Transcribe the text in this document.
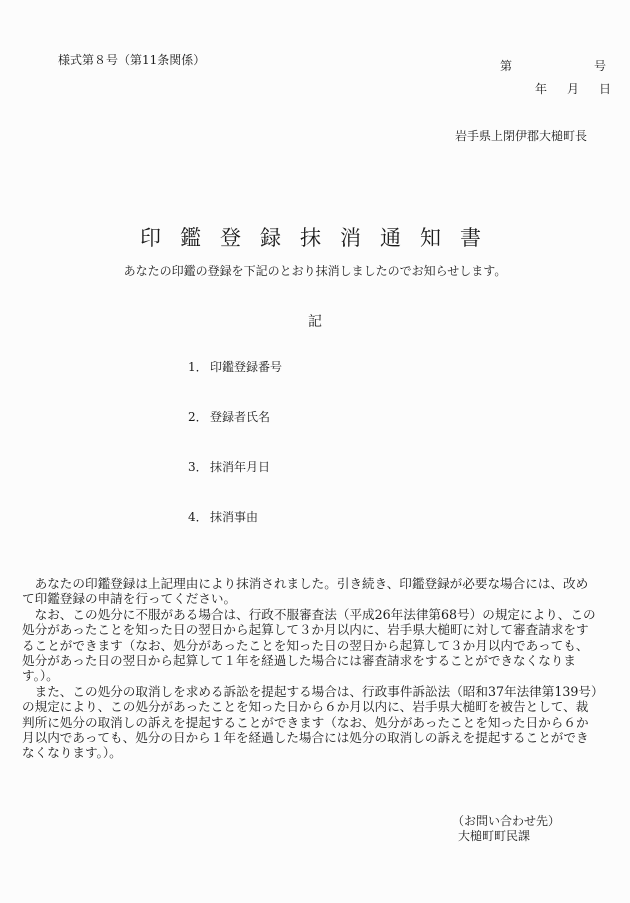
様式第８号（第11条関係）	第	号
年 月 日
岩手県上閉伊郡大槌町長
印鑑登録抹消通知書
あなたの印鑑の登録を下記のとおり抹消しましたのでお知らせします。
記
1． 印鑑登録番号
2． 登録者氏名
3． 抹消年月日
4． 抹消事由
　あなたの印鑑登録は上記理由により抹消されました。引き続き、印鑑登録が必要な場合には、改め
て印鑑登録の申請を行ってください。
　なお、この処分に不服がある場合は、行政不服審査法（平成26年法律第68号）の規定により、この
処分があったことを知った日の翌日から起算して３か月以内に、岩手県大槌町に対して審査請求をす
ることができます（なお、処分があったことを知った日の翌日から起算して３か月以内であっても、
処分があった日の翌日から起算して１年を経過した場合には審査請求をすることができなくなりま
す。）。
　また、この処分の取消しを求める訴訟を提起する場合は、行政事件訴訟法（昭和37年法律第139号）
の規定により、この処分があったことを知った日から６か月以内に、岩手県大槌町を被告として、裁
判所に処分の取消しの訴えを提起することができます（なお、処分があったことを知った日から６か
月以内であっても、処分の日から１年を経過した場合には処分の取消しの訴えを提起することができ
なくなります。）。
（お問い合わせ先）
大槌町町民課
